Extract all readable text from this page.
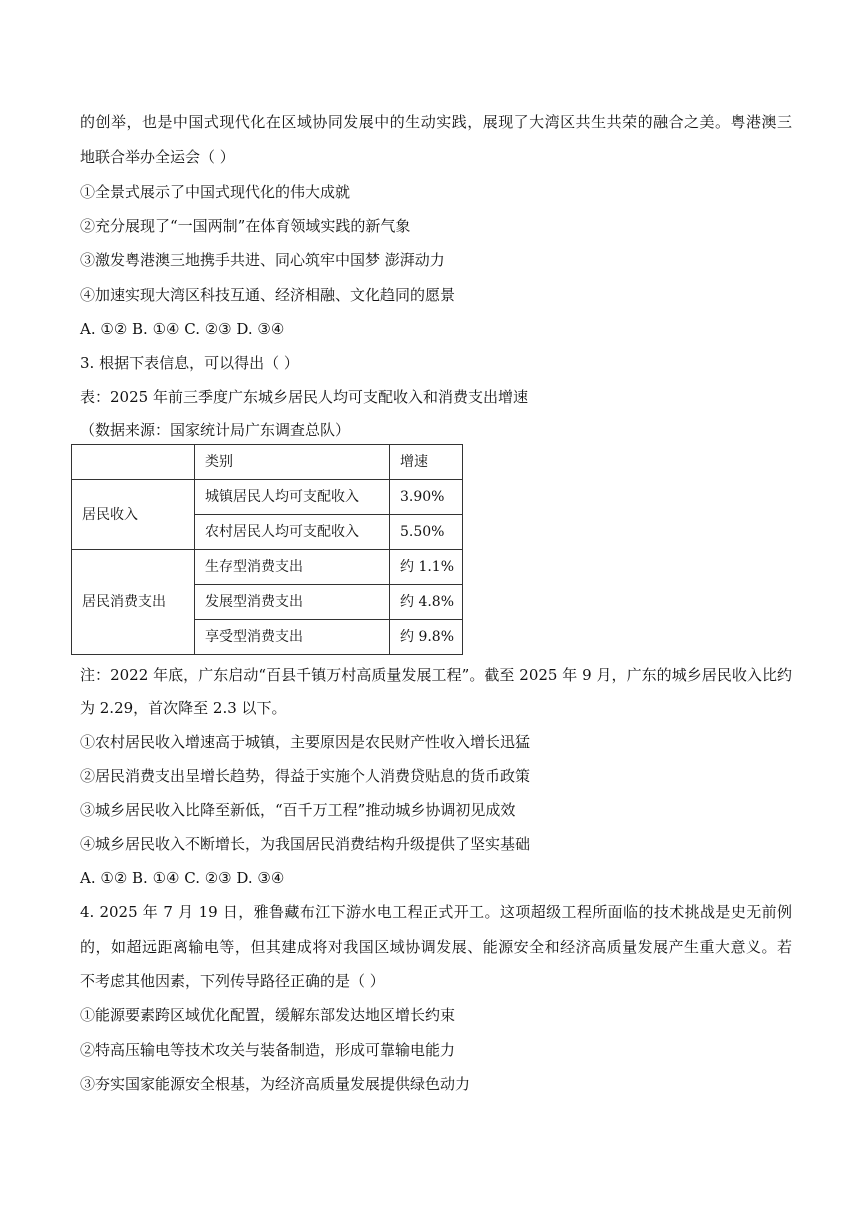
的创举，也是中国式现代化在区域协同发展中的生动实践，展现了大湾区共生共荣的融合之美。粤港澳三
地联合举办全运会（ ）
①全景式展示了中国式现代化的伟大成就
②充分展现了“一国两制”在体育领域实践的新气象
③激发粤港澳三地携手共进、同心筑牢中国梦 澎湃动力
④加速实现大湾区科技互通、经济相融、文化趋同的愿景
A. ①② B. ①④ C. ②③ D. ③④
3. 根据下表信息，可以得出（ ）
表：2025 年前三季度广东城乡居民人均可支配收入和消费支出增速
（数据来源：国家统计局广东调查总队）
	类别	增速
居民收入	城镇居民人均可支配收入	3.90%
	农村居民人均可支配收入	5.50%
居民消费支出	生存型消费支出	约 1.1%
	发展型消费支出	约 4.8%
	享受型消费支出	约 9.8%
注：2022 年底，广东启动“百县千镇万村高质量发展工程”。截至 2025 年 9 月，广东的城乡居民收入比约
为 2.29，首次降至 2.3 以下。
①农村居民收入增速高于城镇，主要原因是农民财产性收入增长迅猛
②居民消费支出呈增长趋势，得益于实施个人消费贷贴息的货币政策
③城乡居民收入比降至新低，“百千万工程”推动城乡协调初见成效
④城乡居民收入不断增长，为我国居民消费结构升级提供了坚实基础
A. ①② B. ①④ C. ②③ D. ③④
4. 2025 年 7 月 19 日，雅鲁藏布江下游水电工程正式开工。这项超级工程所面临的技术挑战是史无前例
的，如超远距离输电等，但其建成将对我国区域协调发展、能源安全和经济高质量发展产生重大意义。若
不考虑其他因素，下列传导路径正确的是（ ）
①能源要素跨区域优化配置，缓解东部发达地区增长约束
②特高压输电等技术攻关与装备制造，形成可靠输电能力
③夯实国家能源安全根基，为经济高质量发展提供绿色动力
